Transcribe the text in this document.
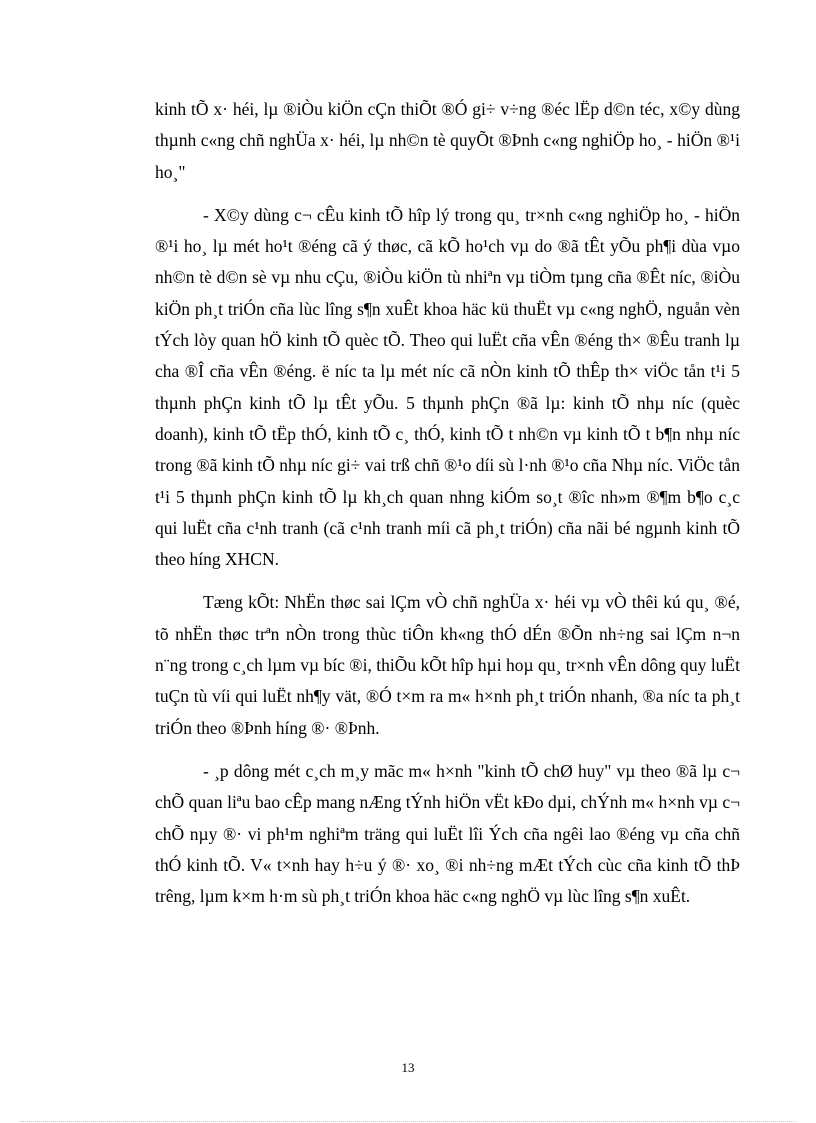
kinh tÕ x· héi, lµ ®iÒu kiÖn cÇn thiÕt ®Ó gi÷ v÷ng ®éc lËp d©n téc, x©y dùng thµnh c«ng chñ nghÜa x· héi, lµ nh©n tè quyÕt ®Þnh c«ng nghiÖp ho¸ - hiÖn ®¹i ho¸"

- X©y dùng c¬ cÊu kinh tÕ hîp lý trong qu¸ tr×nh c«ng nghiÖp ho¸ - hiÖn ®¹i ho¸ lµ mét ho¹t ®éng cã ý thøc, cã kÕ ho¹ch vµ do ®ã tÊt yÕu ph¶i dùa vµo nh©n tè d©n sè vµ nhu cÇu, ®iÒu kiÖn tù nhiªn vµ tiÒm tµng cña ®Êt níc, ®iÒu kiÖn ph¸t triÓn cña lùc lîng s¶n xuÊt khoa häc kü thuËt vµ c«ng nghÖ, nguån vèn tÝch lòy quan hÖ kinh tÕ quèc tÕ. Theo qui luËt cña vÊn ®éng th× ®Êu tranh lµ cha ®Î cña vÊn ®éng. ë níc ta lµ mét níc cã nÒn kinh tÕ thÊp th× viÖc tån t¹i 5 thµnh phÇn kinh tÕ lµ tÊt yÕu. 5 thµnh phÇn ®ã lµ: kinh tÕ nhµ níc (quèc doanh), kinh tÕ tËp thÓ, kinh tÕ c¸ thÓ, kinh tÕ t nh©n vµ kinh tÕ t b¶n nhµ níc trong ®ã kinh tÕ nhµ níc gi÷ vai trß chñ ®¹o díi sù l·nh ®¹o cña Nhµ níc. ViÖc tån t¹i 5 thµnh phÇn kinh tÕ lµ kh¸ch quan nhng kiÓm so¸t ®îc nh»m ®¶m b¶o c¸c qui luËt cña c¹nh tranh (cã c¹nh tranh míi cã ph¸t triÓn) cña nãi bé ngµnh kinh tÕ theo híng XHCN.

Tæng kÕt: NhËn thøc sai lÇm vÒ chñ nghÜa x· héi vµ vÒ thêi kú qu¸ ®é, tõ nhËn thøc trªn nÒn trong thùc tiÔn kh«ng thÓ dÉn ®Õn nh÷ng sai lÇm n¬n n¨ng trong c¸ch lµm vµ bíc ®i, thiÕu kÕt hîp hµi hoµ qu¸ tr×nh vÊn dông quy luËt tuÇn tù víi qui luËt nh¶y vät, ®Ó t×m ra m« h×nh ph¸t triÓn nhanh, ®a níc ta ph¸t triÓn theo ®Þnh híng ®· ®Þnh.

- ¸p dông mét c¸ch m¸y mãc m« h×nh "kinh tÕ chØ huy" vµ theo ®ã lµ c¬ chÕ quan liªu bao cÊp mang nÆng tÝnh hiÖn vËt kÐo dµi, chÝnh m« h×nh vµ c¬ chÕ nµy ®· vi ph¹m nghiªm träng qui luËt lîi Ých cña ngêi lao ®éng vµ cña chñ thÓ kinh tÕ. V« t×nh hay h÷u ý ®· xo¸ ®i nh÷ng mÆt tÝch cùc cña kinh tÕ thÞ trêng, lµm k×m h·m sù ph¸t triÓn khoa häc c«ng nghÖ vµ lùc lîng s¶n xuÊt.

13
